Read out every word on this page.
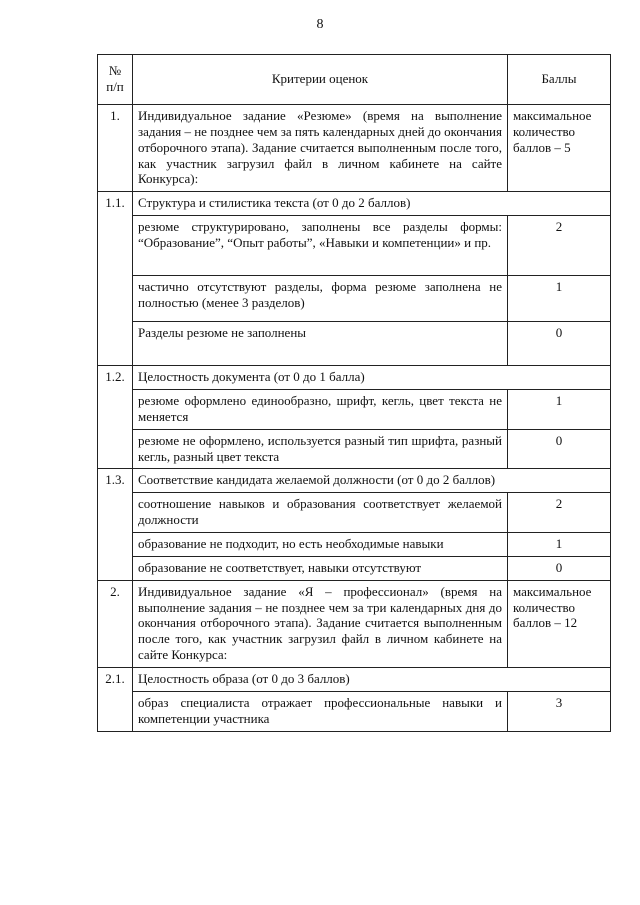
8
№ п/п	Критерии оценок	Баллы
1.	Индивидуальное задание «Резюме» (время на выполнение задания – не позднее чем за пять календарных дней до окончания отборочного этапа). Задание считается выполненным после того, как участник загрузил файл в личном кабинете на сайте Конкурса):	максимальное количество баллов – 5
1.1.	Структура и стилистика текста (от 0 до 2 баллов)	
	резюме структурировано, заполнены все разделы формы: “Образование”, “Опыт работы”, «Навыки и компетенции» и пр.	2
	частично отсутствуют разделы, форма резюме заполнена не полностью (менее 3 разделов)	1
	Разделы резюме не заполнены	0
1.2.	Целостность документа (от 0 до 1 балла)	
	резюме оформлено единообразно, шрифт, кегль, цвет текста не меняется	1
	резюме не оформлено, используется разный тип шрифта, разный кегль, разный цвет текста	0
1.3.	Соответствие кандидата желаемой должности (от 0 до 2 баллов)	
	соотношение навыков и образования соответствует желаемой должности	2
	образование не подходит, но есть необходимые навыки	1
	образование не соответствует, навыки отсутствуют	0
2.	Индивидуальное задание «Я – профессионал» (время на выполнение задания – не позднее чем за три календарных дня до окончания отборочного этапа). Задание считается выполненным после того, как участник загрузил файл в личном кабинете на сайте Конкурса:	максимальное количество баллов – 12
2.1.	Целостность образа (от 0 до 3 баллов)	
	образ специалиста отражает профессиональные навыки и компетенции участника	3
